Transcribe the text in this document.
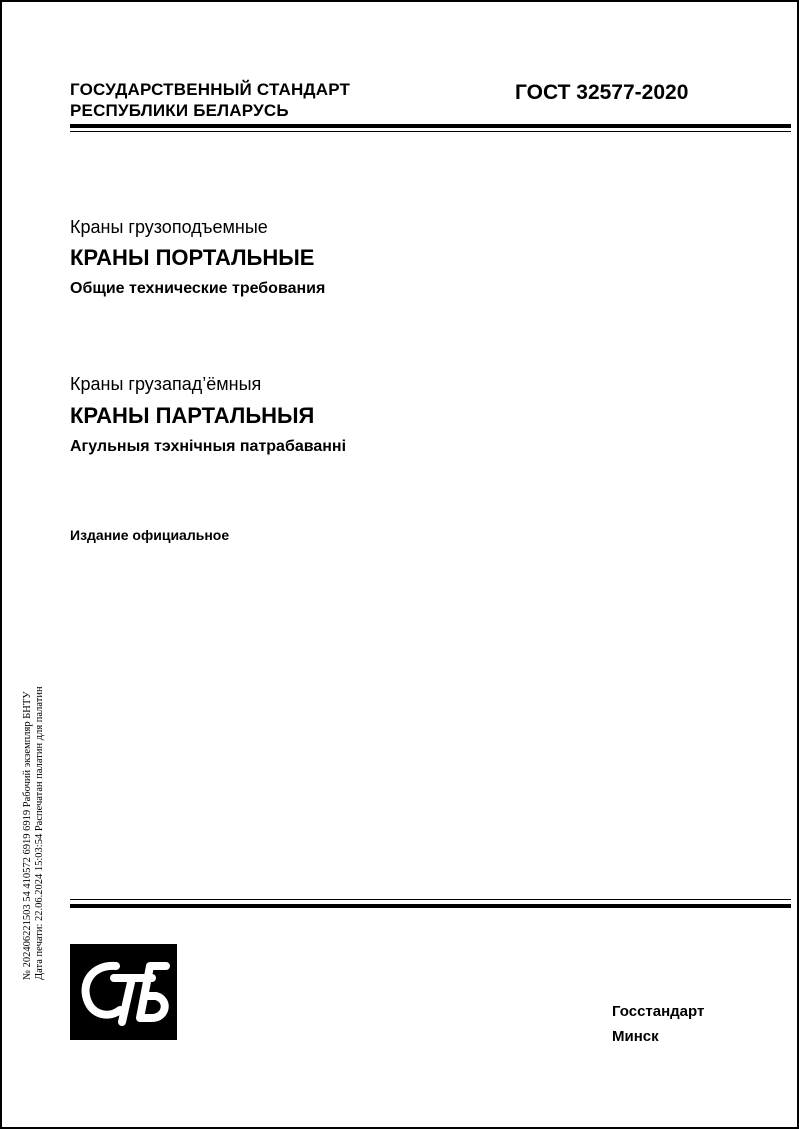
ГОСУДАРСТВЕННЫЙ СТАНДАРТ
РЕСПУБЛИКИ БЕЛАРУСЬ
ГОСТ 32577-2020
Краны грузоподъемные
КРАНЫ ПОРТАЛЬНЫЕ
Общие технические требования
Краны грузапад’ёмныя
КРАНЫ ПАРТАЛЬНЫЯ
Агульныя тэхнічныя патрабаванні
Издание официальное
№ 202406221503 54 410572 6919 6919 Рабочий экземпляр БНТУ Дата печати: 22.06.2024 15:03:54 Распечатан палатин для палатин
Госстандарт
Минск
